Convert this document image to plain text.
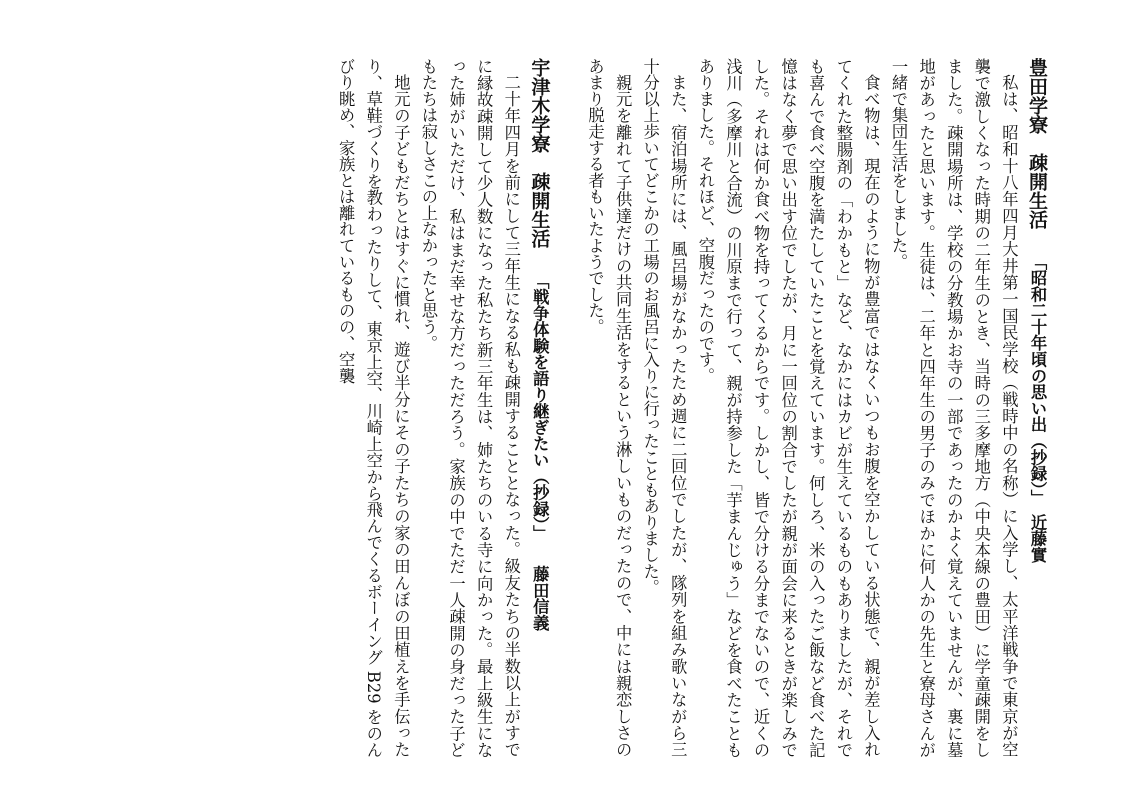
豊田学寮　疎開生活　　「昭和二十年頃の思い出（抄録）」　近藤實

私は、昭和十八年四月大井第一国民学校（戦時中の名称）に入学し、太平洋戦争で東京が空襲で激しくなった時期の二年生のとき、当時の三多摩地方（中央本線の豊田）に学童疎開をしました。疎開場所は、学校の分教場かお寺の一部であったのかよく覚えていませんが、裏に墓地があったと思います。生徒は、二年と四年生の男子のみでほかに何人かの先生と寮母さんが一緒で集団生活をしました。

食べ物は、現在のように物が豊富ではなくいつもお腹を空かしている状態で、親が差し入れてくれた整腸剤の「わかもと」など、なかにはカビが生えているものもありましたが、それでも喜んで食べ空腹を満たしていたことを覚えています。何しろ、米の入ったご飯など食べた記憶はなく夢で思い出す位でしたが、月に一回位の割合でしたが親が面会に来るときが楽しみでした。それは何か食べ物を持ってくるからです。しかし、皆で分ける分までないので、近くの浅川（多摩川と合流）の川原まで行って、親が持参した「芋まんじゅう」などを食べたこともありました。それほど、空腹だったのです。

また、宿泊場所には、風呂場がなかったため週に二回位でしたが、隊列を組み歌いながら三十分以上歩いてどこかの工場のお風呂に入りに行ったこともありました。

親元を離れて子供達だけの共同生活をするという淋しいものだったので、中には親恋しさのあまり脱走する者もいたようでした。

宇津木学寮　疎開生活　　「戦争体験を語り継ぎたい（抄録）」　　藤田信義

二十年四月を前にして三年生になる私も疎開することとなった。級友たちの半数以上がすでに縁故疎開して少人数になった私たち新三年生は、姉たちのいる寺に向かった。最上級生になった姉がいただけ、私はまだ幸せな方だっただろう。家族の中でただ一人疎開の身だった子どもたちは寂しさこの上なかったと思う。

地元の子どもだちとはすぐに慣れ、遊び半分にその子たちの家の田んぼの田植えを手伝ったり、草鞋づくりを教わったりして、東京上空、川崎上空から飛んでくるボーイング B29 をのんびり眺め、家族とは離れているものの、空襲
